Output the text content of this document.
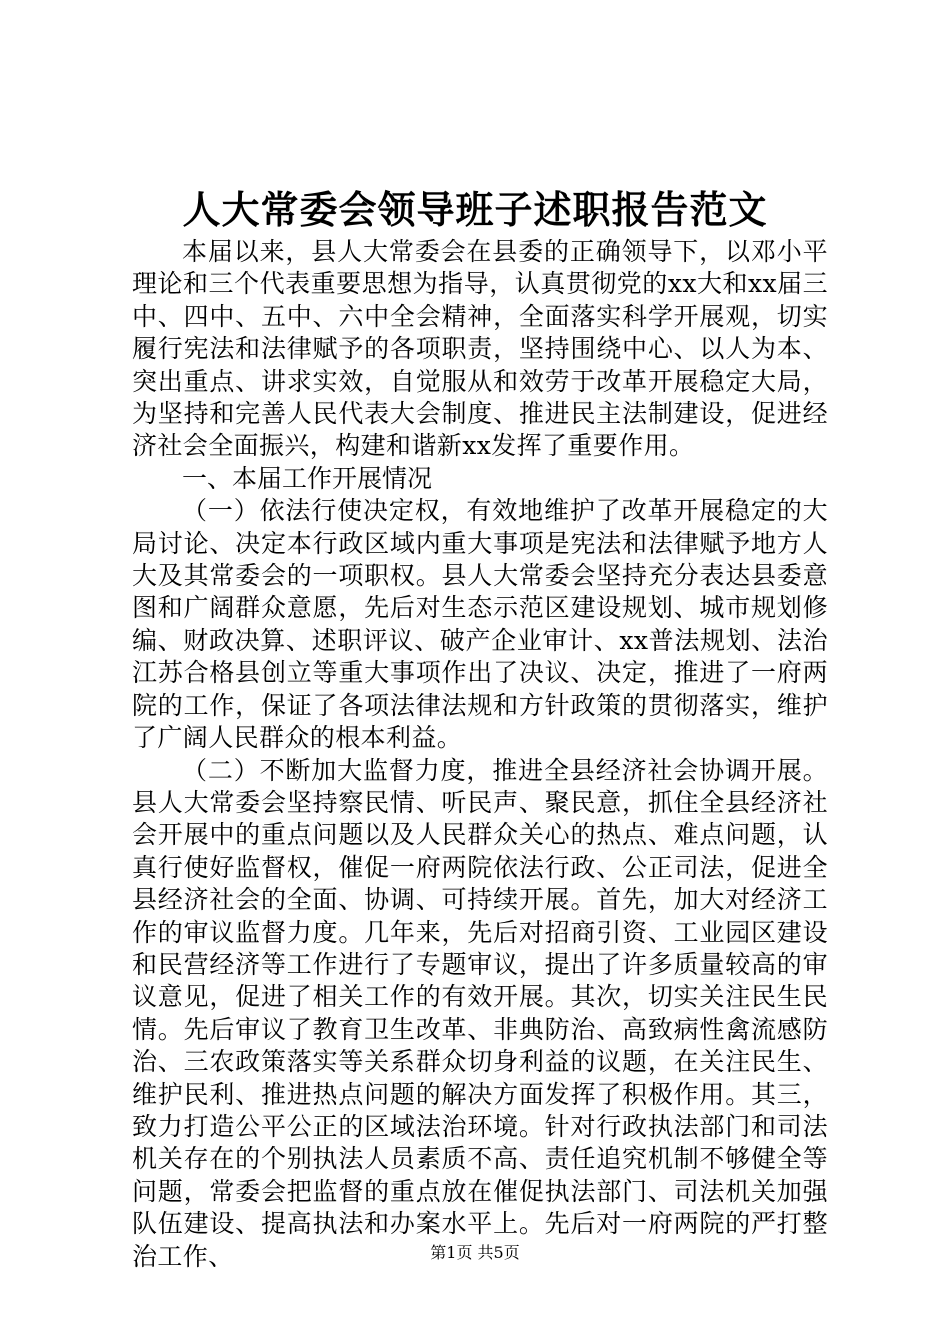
人大常委会领导班子述职报告范文

本届以来，县人大常委会在县委的正确领导下，以邓小平理论和三个代表重要思想为指导，认真贯彻党的xx大和xx届三中、四中、五中、六中全会精神，全面落实科学开展观，切实履行宪法和法律赋予的各项职责，坚持围绕中心、以人为本、突出重点、讲求实效，自觉服从和效劳于改革开展稳定大局，为坚持和完善人民代表大会制度、推进民主法制建设，促进经济社会全面振兴，构建和谐新xx发挥了重要作用。

一、本届工作开展情况

（一）依法行使决定权，有效地维护了改革开展稳定的大局讨论、决定本行政区域内重大事项是宪法和法律赋予地方人大及其常委会的一项职权。县人大常委会坚持充分表达县委意图和广阔群众意愿，先后对生态示范区建设规划、城市规划修编、财政决算、述职评议、破产企业审计、xx普法规划、法治江苏合格县创立等重大事项作出了决议、决定，推进了一府两院的工作，保证了各项法律法规和方针政策的贯彻落实，维护了广阔人民群众的根本利益。

（二）不断加大监督力度，推进全县经济社会协调开展。县人大常委会坚持察民情、听民声、聚民意，抓住全县经济社会开展中的重点问题以及人民群众关心的热点、难点问题，认真行使好监督权，催促一府两院依法行政、公正司法，促进全县经济社会的全面、协调、可持续开展。首先，加大对经济工作的审议监督力度。几年来，先后对招商引资、工业园区建设和民营经济等工作进行了专题审议，提出了许多质量较高的审议意见，促进了相关工作的有效开展。其次，切实关注民生民情。先后审议了教育卫生改革、非典防治、高致病性禽流感防治、三农政策落实等关系群众切身利益的议题，在关注民生、维护民利、推进热点问题的解决方面发挥了积极作用。其三，致力打造公平公正的区域法治环境。针对行政执法部门和司法机关存在的个别执法人员素质不高、责任追究机制不够健全等问题，常委会把监督的重点放在催促执法部门、司法机关加强队伍建设、提高执法和办案水平上。先后对一府两院的严打整治工作、	第1页 共5页
